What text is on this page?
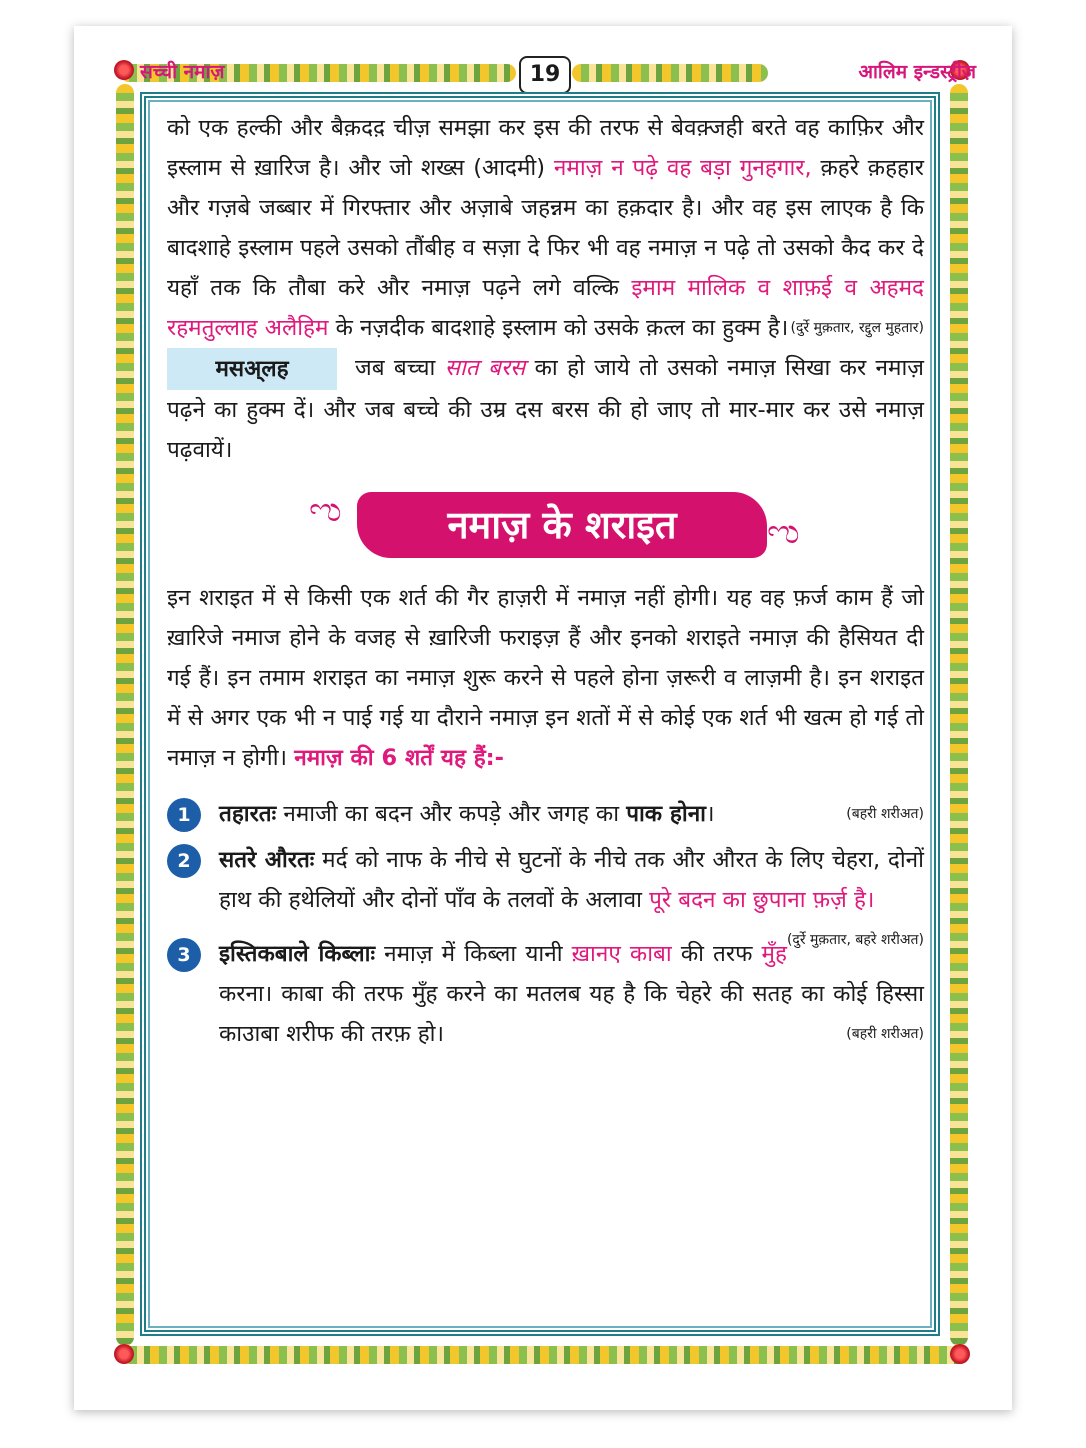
सच्ची नमाज़	19	आलिम इन्डस्ट्रीज़

को एक हल्की और बैक़दद़ चीज़ समझा कर इस की तरफ से बेवक़्जही बरते वह काफ़िर और इस्लाम से ख़ारिज है। और जो शख्स (आदमी) नमाज़ न पढ़े वह बड़ा गुनहगार, क़हरे क़हहार और गज़बे जब्बार में गिरफ्तार और अज़ाबे जहन्नम का हक़दार है। और वह इस लाएक है कि बादशाहे इस्लाम पहले उसको तौंबीह व सज़ा दे फिर भी वह नमाज़ न पढ़े तो उसको कैद कर दे यहाँ तक कि तौबा करे और नमाज़ पढ़ने लगे वल्कि इमाम मालिक व शाफ़ई व अहमद रहमतुल्लाह अलैहिम के नज़दीक बादशाहे इस्लाम को उसके क़त्ल का हुक्म है। (दुर्रे मुक़तार, रद्दुल मुहतार)

मसअ्लह	जब बच्चा सात बरस का हो जाये तो उसको नमाज़ सिखा कर नमाज़ पढ़ने का हुक्म दें। और जब बच्चे की उम्र दस बरस की हो जाए तो मार-मार कर उसे नमाज़ पढ़वायें।

ಌ	नमाज़ के शराइत	ಌ

इन शराइत में से किसी एक शर्त की गैर हाज़री में नमाज़ नहीं होगी। यह वह फ़र्ज काम हैं जो ख़ारिजे नमाज होने के वजह से ख़ारिजी फराइज़ हैं और इनको शराइते नमाज़ की हैसियत दी गई हैं। इन तमाम शराइत का नमाज़ शुरू करने से पहले होना ज़रूरी व लाज़मी है। इन शराइत में से अगर एक भी न पाई गई या दौराने नमाज़ इन शतों में से कोई एक शर्त भी खत्म हो गई तो नमाज़ न होगी। नमाज़ की 6 शर्तें यह हैं:-

1	तहारतः नमाजी का बदन और कपड़े और जगह का पाक होना।	(बहरी शरीअत)
2	सतरे औरतः मर्द को नाफ के नीचे से घुटनों के नीचे तक और औरत के लिए चेहरा, दोनों हाथ की हथेलियों और दोनों पाँव के तलवों के अलावा पूरे बदन का छुपाना फ़र्ज़ है।
(दुर्रे मुक़तार, बहरे शरीअत)
3	इस्तिकबाले किब्लाः नमाज़ में किब्ला यानी ख़ानए काबा की तरफ मुँह करना। काबा की तरफ मुँह करने का मतलब यह है कि चेहरे की सतह का कोई हिस्सा काउाबा शरीफ की तरफ़ हो।	(बहरी शरीअत)
